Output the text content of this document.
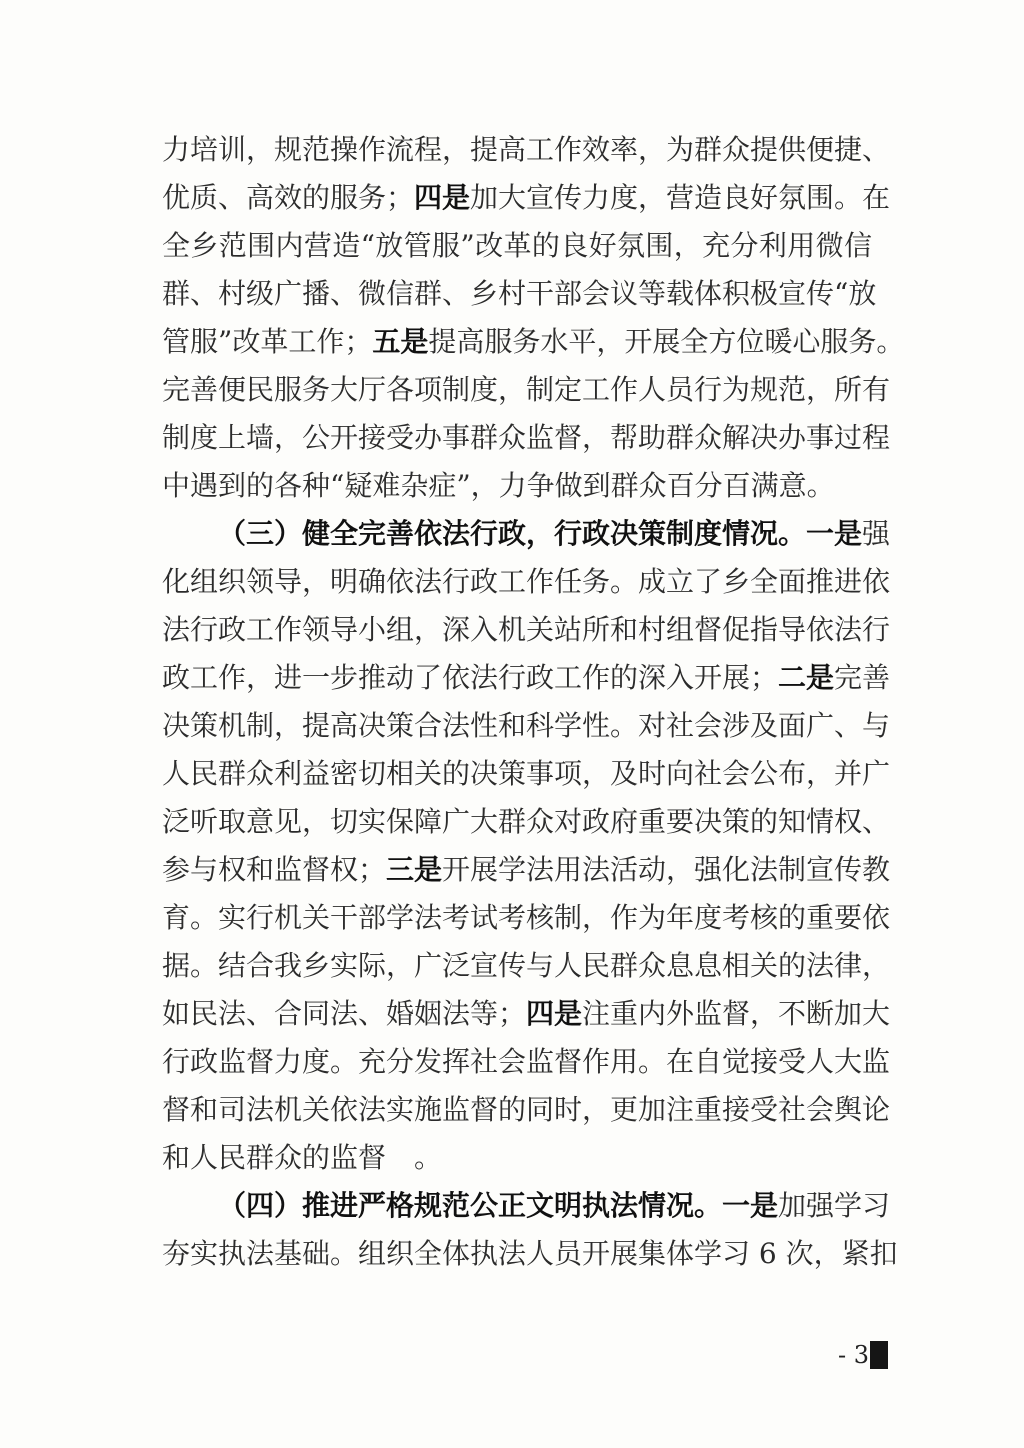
力培训，规范操作流程，提高工作效率，为群众提供便捷、
优质、高效的服务；四是加大宣传力度，营造良好氛围。在
全乡范围内营造“放管服”改革的良好氛围，充分利用微信
群、村级广播、微信群、乡村干部会议等载体积极宣传“放
管服”改革工作；五是提高服务水平，开展全方位暖心服务。
完善便民服务大厅各项制度，制定工作人员行为规范，所有
制度上墙，公开接受办事群众监督，帮助群众解决办事过程
中遇到的各种“疑难杂症”，力争做到群众百分百满意。
（三）健全完善依法行政，行政决策制度情况。一是强
化组织领导，明确依法行政工作任务。成立了乡全面推进依
法行政工作领导小组，深入机关站所和村组督促指导依法行
政工作，进一步推动了依法行政工作的深入开展；二是完善
决策机制，提高决策合法性和科学性。对社会涉及面广、与
人民群众利益密切相关的决策事项，及时向社会公布，并广
泛听取意见，切实保障广大群众对政府重要决策的知情权、
参与权和监督权；三是开展学法用法活动，强化法制宣传教
育。实行机关干部学法考试考核制，作为年度考核的重要依
据。结合我乡实际，广泛宣传与人民群众息息相关的法律，
如民法、合同法、婚姻法等；四是注重内外监督，不断加大
行政监督力度。充分发挥社会监督作用。在自觉接受人大监
督和司法机关依法实施监督的同时，更加注重接受社会舆论
和人民群众的监督　。
（四）推进严格规范公正文明执法情况。一是加强学习
夯实执法基础。组织全体执法人员开展集体学习 6 次，紧扣
- 3
